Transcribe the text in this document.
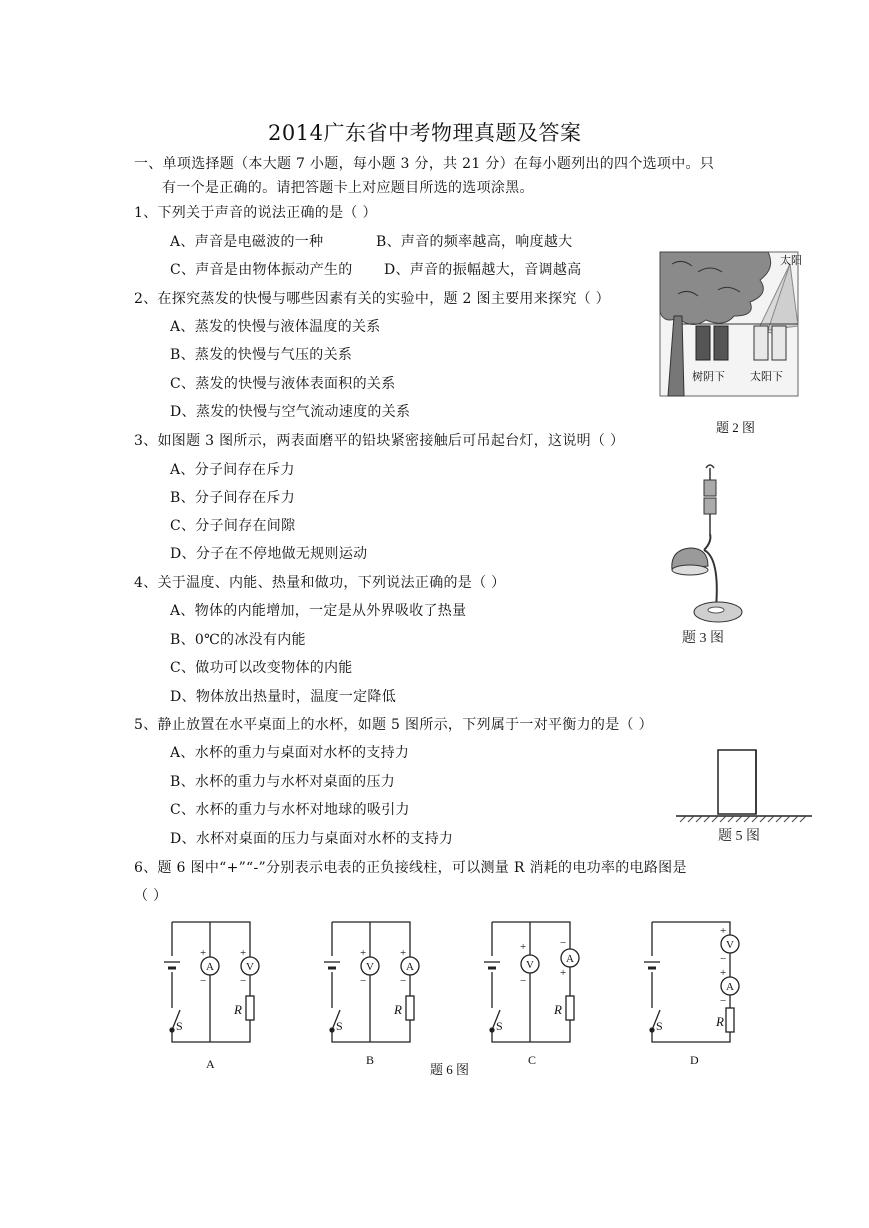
2014广东省中考物理真题及答案
一、单项选择题（本大题 7 小题，每小题 3 分，共 21 分）在每小题列出的四个选项中。只
有一个是正确的。请把答题卡上对应题目所选的选项涂黑。
1、下列关于声音的说法正确的是（ ）
A、声音是电磁波的一种	B、声音的频率越高，响度越大
C、声音是由物体振动产生的 D、声音的振幅越大，音调越高
2、在探究蒸发的快慢与哪些因素有关的实验中，题 2 图主要用来探究（ ）
A、蒸发的快慢与液体温度的关系
B、蒸发的快慢与气压的关系
C、蒸发的快慢与液体表面积的关系
D、蒸发的快慢与空气流动速度的关系
3、如图题 3 图所示，两表面磨平的铅块紧密接触后可吊起台灯，这说明（ ）
A、分子间存在斥力
B、分子间存在斥力
C、分子间存在间隙
D、分子在不停地做无规则运动
4、关于温度、内能、热量和做功，下列说法正确的是（ ）
A、物体的内能增加，一定是从外界吸收了热量
B、0℃的冰没有内能
C、做功可以改变物体的内能
D、物体放出热量时，温度一定降低
5、静止放置在水平桌面上的水杯，如题 5 图所示，下列属于一对平衡力的是（ ）
A、水杯的重力与桌面对水杯的支持力
B、水杯的重力与水杯对桌面的压力
C、水杯的重力与水杯对地球的吸引力
D、水杯对桌面的压力与桌面对水杯的支持力
6、题 6 图中“+”“-”分别表示电表的正负接线柱，可以测量 R 消耗的电功率的电路图是
（ ）
太阳
树阴下 太阳下
题 2 图
题 3 图
题 5 图
A	V
+
−
+
−
R
S
A
V	A
+
−
+
−
R
S
B
V	A
+
−
−
+
R
S
C
V
A
+
−
+
−
R
S
D
题 6 图
